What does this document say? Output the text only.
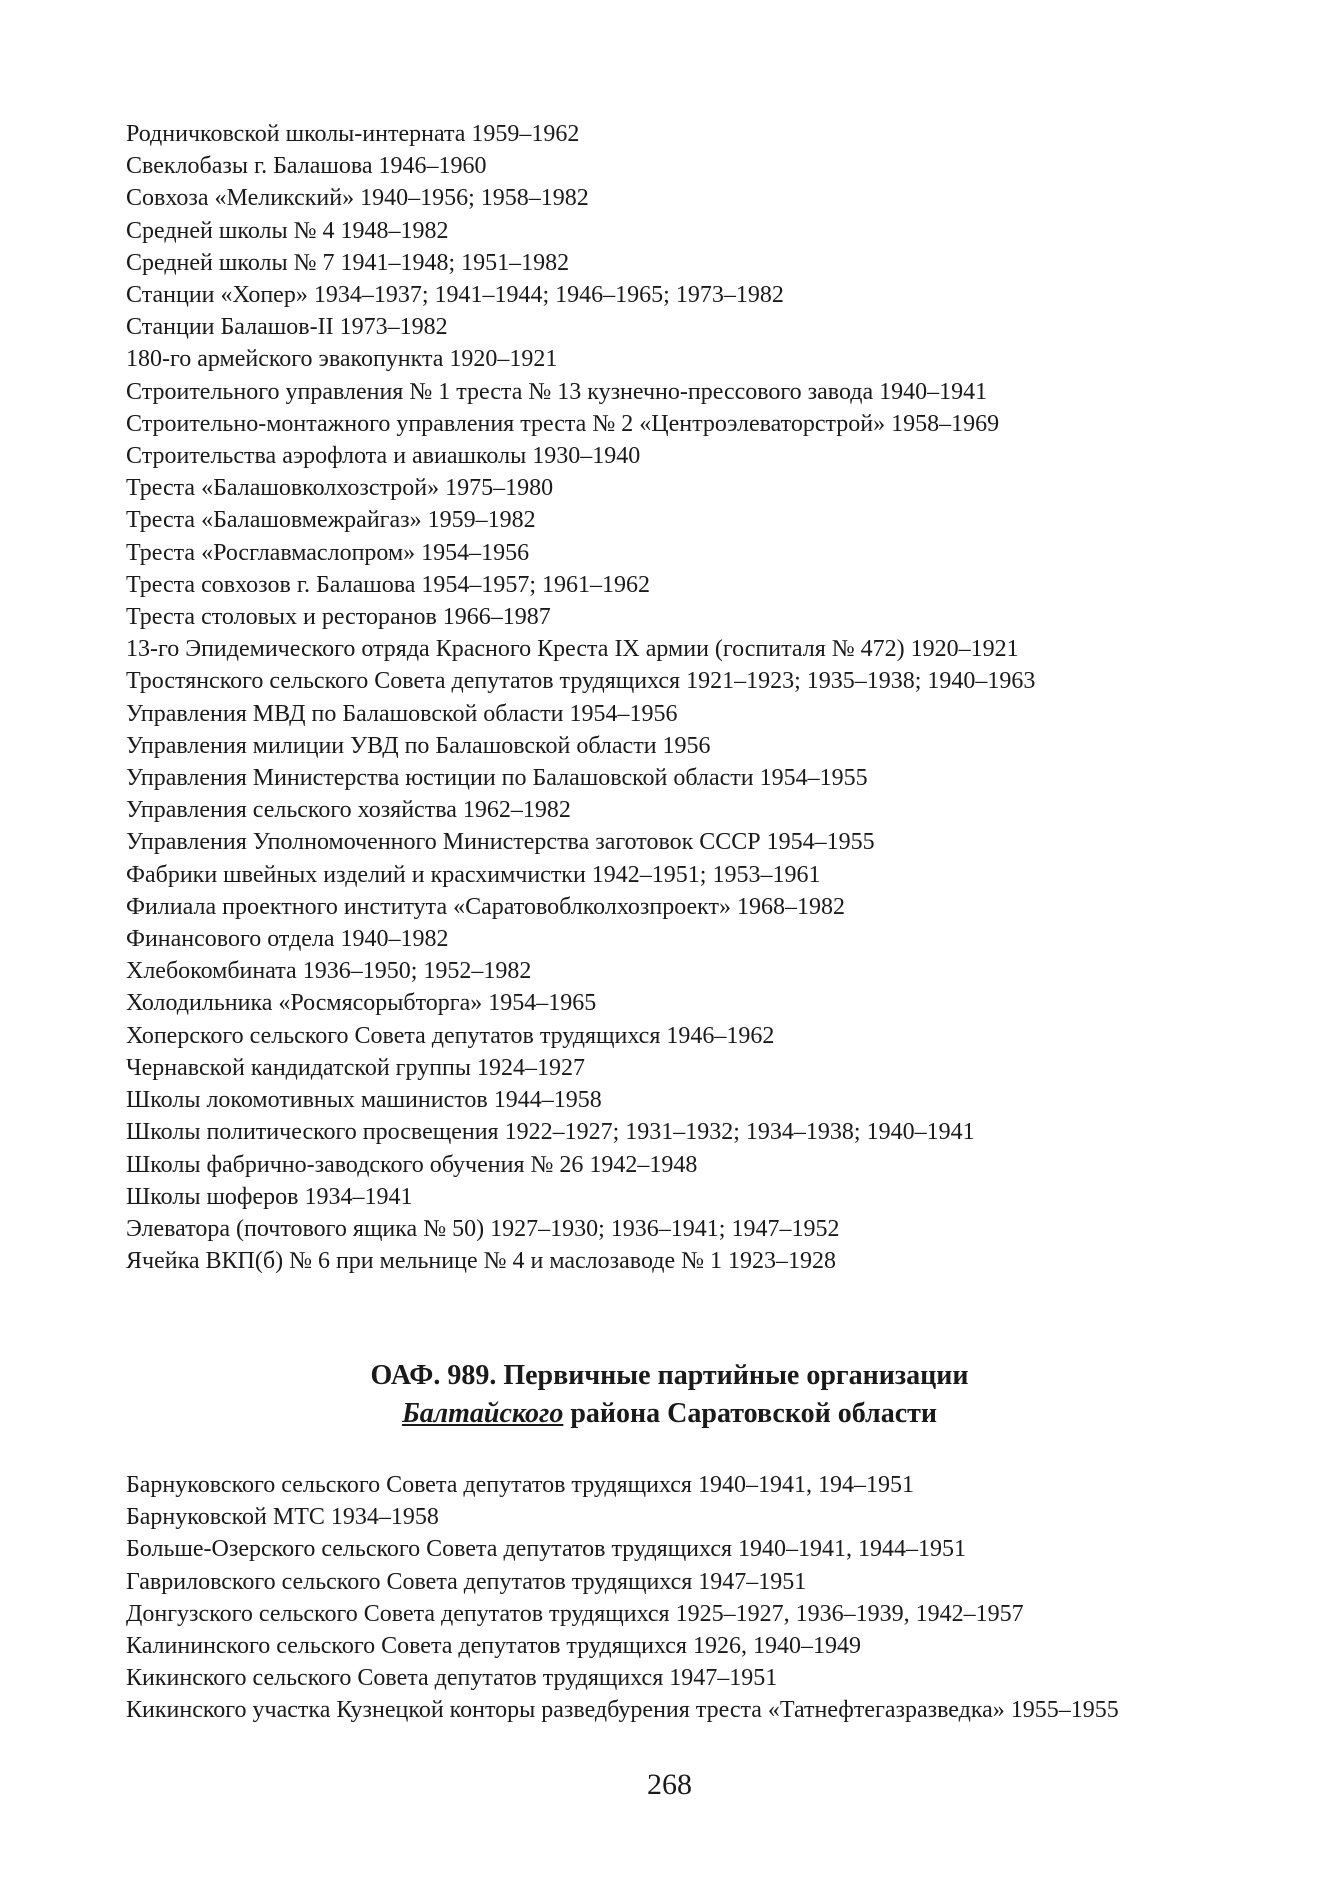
Родничковской школы-интерната 1959–1962
Свеклобазы г. Балашова 1946–1960
Совхоза «Меликский» 1940–1956; 1958–1982
Средней школы № 4 1948–1982
Средней школы № 7 1941–1948; 1951–1982
Станции «Хопер» 1934–1937; 1941–1944; 1946–1965; 1973–1982
Станции Балашов-II 1973–1982
180-го армейского эвакопункта 1920–1921
Строительного управления № 1 треста № 13 кузнечно-прессового завода 1940–1941
Строительно-монтажного управления треста № 2 «Центроэлеваторстрой» 1958–1969
Строительства аэрофлота и авиашколы 1930–1940
Треста «Балашовколхозстрой» 1975–1980
Треста «Балашовмежрайгаз» 1959–1982
Треста «Росглавмаслопром» 1954–1956
Треста совхозов г. Балашова 1954–1957; 1961–1962
Треста столовых и ресторанов 1966–1987
13-го Эпидемического отряда Красного Креста IX армии (госпиталя № 472) 1920–1921
Тростянского сельского Совета депутатов трудящихся 1921–1923; 1935–1938; 1940–1963
Управления МВД по Балашовской области 1954–1956
Управления милиции УВД по Балашовской области 1956
Управления Министерства юстиции по Балашовской области 1954–1955
Управления сельского хозяйства 1962–1982
Управления Уполномоченного Министерства заготовок СССР 1954–1955
Фабрики швейных изделий и красхимчистки 1942–1951; 1953–1961
Филиала проектного института «Саратовоблколхозпроект» 1968–1982
Финансового отдела 1940–1982
Хлебокомбината 1936–1950; 1952–1982
Холодильника «Росмясорыбторга» 1954–1965
Хоперского сельского Совета депутатов трудящихся 1946–1962
Чернавской кандидатской группы 1924–1927
Школы локомотивных машинистов 1944–1958
Школы политического просвещения 1922–1927; 1931–1932; 1934–1938; 1940–1941
Школы фабрично-заводского обучения № 26 1942–1948
Школы шоферов 1934–1941
Элеватора (почтового ящика № 50) 1927–1930; 1936–1941; 1947–1952
Ячейка ВКП(б) № 6 при мельнице № 4 и маслозаводе № 1 1923–1928
ОАФ. 989. Первичные партийные организации
Балтайского района Саратовской области
Барнуковского сельского Совета депутатов трудящихся 1940–1941, 194–1951
Барнуковской МТС 1934–1958
Больше-Озерского сельского Совета депутатов трудящихся 1940–1941, 1944–1951
Гавриловского сельского Совета депутатов трудящихся 1947–1951
Донгузского сельского Совета депутатов трудящихся 1925–1927, 1936–1939, 1942–1957
Калининского сельского Совета депутатов трудящихся 1926, 1940–1949
Кикинского сельского Совета депутатов трудящихся 1947–1951
Кикинского участка Кузнецкой конторы разведбурения треста «Татнефтегазразведка» 1955–1955
268
